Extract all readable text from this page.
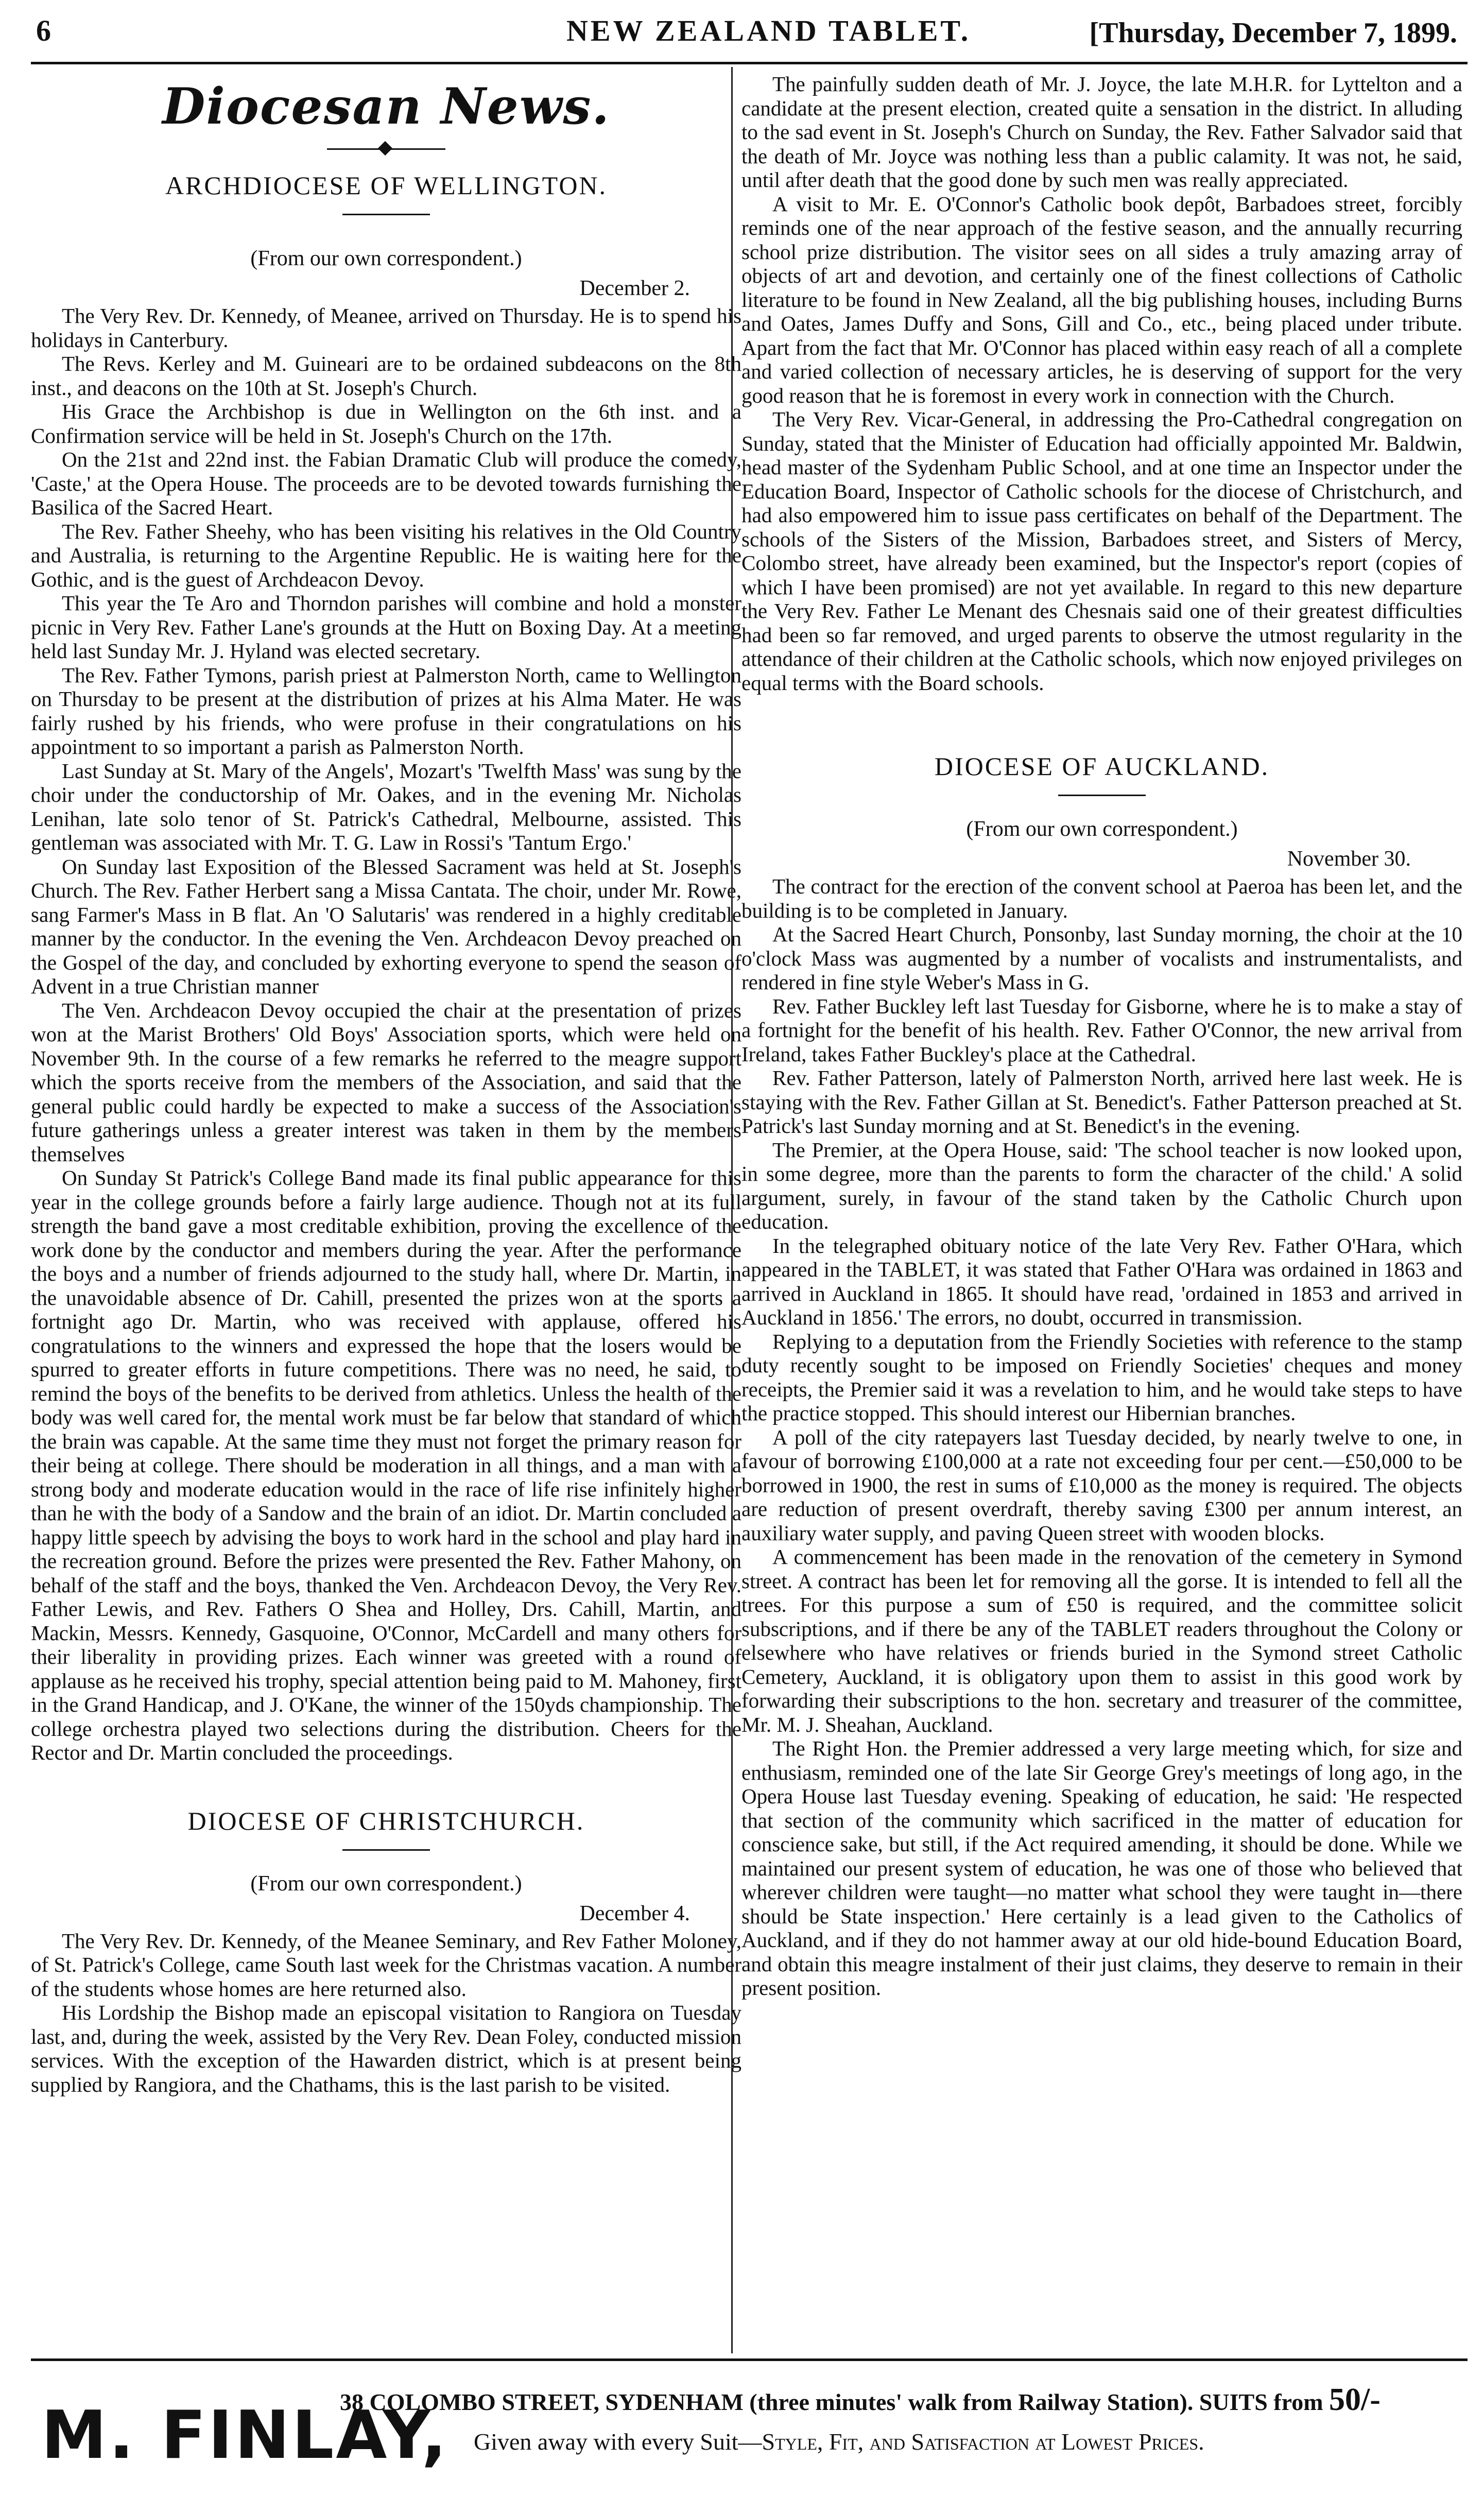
6	NEW ZEALAND TABLET.	[Thursday, December 7, 1899.
Diocesan News.
ARCHDIOCESE OF WELLINGTON.
(From our own correspondent.)
December 2.

The Very Rev. Dr. Kennedy, of Meanee, arrived on Thursday. He is to spend his holidays in Canterbury.

The Revs. Kerley and M. Guineari are to be ordained subdeacons on the 8th inst., and deacons on the 10th at St. Joseph's Church.

His Grace the Archbishop is due in Wellington on the 6th inst. and a Confirmation service will be held in St. Joseph's Church on the 17th.

On the 21st and 22nd inst. the Fabian Dramatic Club will produce the comedy, 'Caste,' at the Opera House. The proceeds are to be devoted towards furnishing the Basilica of the Sacred Heart.

The Rev. Father Sheehy, who has been visiting his relatives in the Old Country and Australia, is returning to the Argentine Republic. He is waiting here for the Gothic, and is the guest of Archdeacon Devoy.

This year the Te Aro and Thorndon parishes will combine and hold a monster picnic in Very Rev. Father Lane's grounds at the Hutt on Boxing Day. At a meeting held last Sunday Mr. J. Hyland was elected secretary.

The Rev. Father Tymons, parish priest at Palmerston North, came to Wellington on Thursday to be present at the distribution of prizes at his Alma Mater. He was fairly rushed by his friends, who were profuse in their congratulations on his appointment to so important a parish as Palmerston North.

Last Sunday at St. Mary of the Angels', Mozart's 'Twelfth Mass' was sung by the choir under the conductorship of Mr. Oakes, and in the evening Mr. Nicholas Lenihan, late solo tenor of St. Patrick's Cathedral, Melbourne, assisted. This gentleman was associated with Mr. T. G. Law in Rossi's 'Tantum Ergo.'

On Sunday last Exposition of the Blessed Sacrament was held at St. Joseph's Church. The Rev. Father Herbert sang a Missa Cantata. The choir, under Mr. Rowe, sang Farmer's Mass in B flat. An 'O Salutaris' was rendered in a highly creditable manner by the conductor. In the evening the Ven. Archdeacon Devoy preached on the Gospel of the day, and concluded by exhorting everyone to spend the season of Advent in a true Christian manner

The Ven. Archdeacon Devoy occupied the chair at the presentation of prizes won at the Marist Brothers' Old Boys' Association sports, which were held on November 9th. In the course of a few remarks he referred to the meagre support which the sports receive from the members of the Association, and said that the general public could hardly be expected to make a success of the Association's future gatherings unless a greater interest was taken in them by the members themselves

On Sunday St Patrick's College Band made its final public appearance for this year in the college grounds before a fairly large audience. Though not at its full strength the band gave a most creditable exhibition, proving the excellence of the work done by the conductor and members during the year. After the performance the boys and a number of friends adjourned to the study hall, where Dr. Martin, in the unavoidable absence of Dr. Cahill, presented the prizes won at the sports a fortnight ago Dr. Martin, who was received with applause, offered his congratulations to the winners and expressed the hope that the losers would be spurred to greater efforts in future competitions. There was no need, he said, to remind the boys of the benefits to be derived from athletics. Unless the health of the body was well cared for, the mental work must be far below that standard of which the brain was capable. At the same time they must not forget the primary reason for their being at college. There should be moderation in all things, and a man with a strong body and moderate education would in the race of life rise infinitely higher than he with the body of a Sandow and the brain of an idiot. Dr. Martin concluded a happy little speech by advising the boys to work hard in the school and play hard in the recreation ground. Before the prizes were presented the Rev. Father Mahony, on behalf of the staff and the boys, thanked the Ven. Archdeacon Devoy, the Very Rev. Father Lewis, and Rev. Fathers O Shea and Holley, Drs. Cahill, Martin, and Mackin, Messrs. Kennedy, Gasquoine, O'Connor, McCardell and many others for their liberality in providing prizes. Each winner was greeted with a round of applause as he received his trophy, special attention being paid to M. Mahoney, first in the Grand Handicap, and J. O'Kane, the winner of the 150yds championship. The college orchestra played two selections during the distribution. Cheers for the Rector and Dr. Martin concluded the proceedings.

DIOCESE OF CHRISTCHURCH.
(From our own correspondent.)
December 4.

The Very Rev. Dr. Kennedy, of the Meanee Seminary, and Rev Father Moloney, of St. Patrick's College, came South last week for the Christmas vacation. A number of the students whose homes are here returned also.

His Lordship the Bishop made an episcopal visitation to Rangiora on Tuesday last, and, during the week, assisted by the Very Rev. Dean Foley, conducted mission services. With the exception of the Hawarden district, which is at present being supplied by Rangiora, and the Chathams, this is the last parish to be visited.

The painfully sudden death of Mr. J. Joyce, the late M.H.R. for Lyttelton and a candidate at the present election, created quite a sensation in the district. In alluding to the sad event in St. Joseph's Church on Sunday, the Rev. Father Salvador said that the death of Mr. Joyce was nothing less than a public calamity. It was not, he said, until after death that the good done by such men was really appreciated.

A visit to Mr. E. O'Connor's Catholic book depôt, Barbadoes street, forcibly reminds one of the near approach of the festive season, and the annually recurring school prize distribution. The visitor sees on all sides a truly amazing array of objects of art and devotion, and certainly one of the finest collections of Catholic literature to be found in New Zealand, all the big publishing houses, including Burns and Oates, James Duffy and Sons, Gill and Co., etc., being placed under tribute. Apart from the fact that Mr. O'Connor has placed within easy reach of all a complete and varied collection of necessary articles, he is deserving of support for the very good reason that he is foremost in every work in connection with the Church.

The Very Rev. Vicar-General, in addressing the Pro-Cathedral congregation on Sunday, stated that the Minister of Education had officially appointed Mr. Baldwin, head master of the Sydenham Public School, and at one time an Inspector under the Education Board, Inspector of Catholic schools for the diocese of Christchurch, and had also empowered him to issue pass certificates on behalf of the Department. The schools of the Sisters of the Mission, Barbadoes street, and Sisters of Mercy, Colombo street, have already been examined, but the Inspector's report (copies of which I have been promised) are not yet available. In regard to this new departure the Very Rev. Father Le Menant des Chesnais said one of their greatest difficulties had been so far removed, and urged parents to observe the utmost regularity in the attendance of their children at the Catholic schools, which now enjoyed privileges on equal terms with the Board schools.

DIOCESE OF AUCKLAND.
(From our own correspondent.)
November 30.

The contract for the erection of the convent school at Paeroa has been let, and the building is to be completed in January.

At the Sacred Heart Church, Ponsonby, last Sunday morning, the choir at the 10 o'clock Mass was augmented by a number of vocalists and instrumentalists, and rendered in fine style Weber's Mass in G.

Rev. Father Buckley left last Tuesday for Gisborne, where he is to make a stay of a fortnight for the benefit of his health. Rev. Father O'Connor, the new arrival from Ireland, takes Father Buckley's place at the Cathedral.

Rev. Father Patterson, lately of Palmerston North, arrived here last week. He is staying with the Rev. Father Gillan at St. Benedict's. Father Patterson preached at St. Patrick's last Sunday morning and at St. Benedict's in the evening.

The Premier, at the Opera House, said: 'The school teacher is now looked upon, in some degree, more than the parents to form the character of the child.' A solid argument, surely, in favour of the stand taken by the Catholic Church upon education.

In the telegraphed obituary notice of the late Very Rev. Father O'Hara, which appeared in the TABLET, it was stated that Father O'Hara was ordained in 1863 and arrived in Auckland in 1865. It should have read, 'ordained in 1853 and arrived in Auckland in 1856.' The errors, no doubt, occurred in transmission.

Replying to a deputation from the Friendly Societies with reference to the stamp duty recently sought to be imposed on Friendly Societies' cheques and money receipts, the Premier said it was a revelation to him, and he would take steps to have the practice stopped. This should interest our Hibernian branches.

A poll of the city ratepayers last Tuesday decided, by nearly twelve to one, in favour of borrowing £100,000 at a rate not exceeding four per cent.—£50,000 to be borrowed in 1900, the rest in sums of £10,000 as the money is required. The objects are reduction of present overdraft, thereby saving £300 per annum interest, an auxiliary water supply, and paving Queen street with wooden blocks.

A commencement has been made in the renovation of the cemetery in Symond street. A contract has been let for removing all the gorse. It is intended to fell all the trees. For this purpose a sum of £50 is required, and the committee solicit subscriptions, and if there be any of the TABLET readers throughout the Colony or elsewhere who have relatives or friends buried in the Symond street Catholic Cemetery, Auckland, it is obligatory upon them to assist in this good work by forwarding their subscriptions to the hon. secretary and treasurer of the committee, Mr. M. J. Sheahan, Auckland.

The Right Hon. the Premier addressed a very large meeting which, for size and enthusiasm, reminded one of the late Sir George Grey's meetings of long ago, in the Opera House last Tuesday evening. Speaking of education, he said: 'He respected that section of the community which sacrificed in the matter of education for conscience sake, but still, if the Act required amending, it should be done. While we maintained our present system of education, he was one of those who believed that wherever children were taught—no matter what school they were taught in—there should be State inspection.' Here certainly is a lead given to the Catholics of Auckland, and if they do not hammer away at our old hide-bound Education Board, and obtain this meagre instalment of their just claims, they deserve to remain in their present position.

M. FINLAY,
38 COLOMBO STREET, SYDENHAM (three minutes' walk from Railway Station). SUITS from 50/-
Given away with every Suit—Style, Fit, and Satisfaction at Lowest Prices.
